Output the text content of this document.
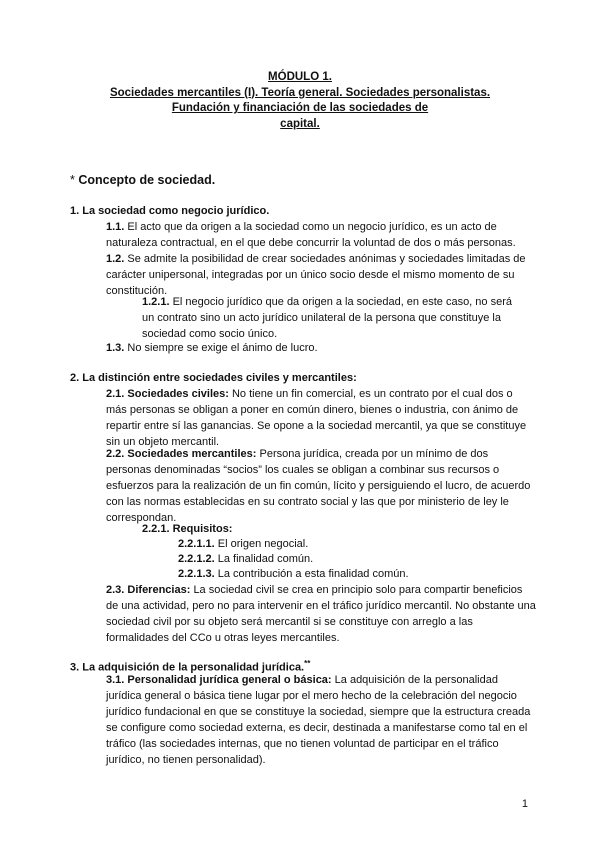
MÓDULO 1.
Sociedades mercantiles (I). Teoría general. Sociedades personalistas.
Fundación y financiación de las sociedades de
capital.
* Concepto de sociedad.
1. La sociedad como negocio jurídico.
1.1. El acto que da origen a la sociedad como un negocio jurídico, es un acto de naturaleza contractual, en el que debe concurrir la voluntad de dos o más personas.
1.2. Se admite la posibilidad de crear sociedades anónimas y sociedades limitadas de carácter unipersonal, integradas por un único socio desde el mismo momento de su constitución.
1.2.1. El negocio jurídico que da origen a la sociedad, en este caso, no será un contrato sino un acto jurídico unilateral de la persona que constituye la sociedad como socio único.
1.3. No siempre se exige el ánimo de lucro.
2. La distinción entre sociedades civiles y mercantiles:
2.1. Sociedades civiles: No tiene un fin comercial, es un contrato por el cual dos o más personas se obligan a poner en común dinero, bienes o industria, con ánimo de repartir entre sí las ganancias. Se opone a la sociedad mercantil, ya que se constituye sin un objeto mercantil.
2.2. Sociedades mercantiles: Persona jurídica, creada por un mínimo de dos personas denominadas “socios” los cuales se obligan a combinar sus recursos o esfuerzos para la realización de un fin común, lícito y persiguiendo el lucro, de acuerdo con las normas establecidas en su contrato social y las que por ministerio de ley le correspondan.
2.2.1. Requisitos:
2.2.1.1. El origen negocial.
2.2.1.2. La finalidad común.
2.2.1.3. La contribución a esta finalidad común.
2.3. Diferencias: La sociedad civil se crea en principio solo para compartir beneficios de una actividad, pero no para intervenir en el tráfico jurídico mercantil. No obstante una sociedad civil por su objeto será mercantil si se constituye con arreglo a las formalidades del CCo u otras leyes mercantiles.
3. La adquisición de la personalidad jurídica.**
3.1. Personalidad jurídica general o básica: La adquisición de la personalidad jurídica general o básica tiene lugar por el mero hecho de la celebración del negocio jurídico fundacional en que se constituye la sociedad, siempre que la estructura creada se configure como sociedad externa, es decir, destinada a manifestarse como tal en el tráfico (las sociedades internas, que no tienen voluntad de participar en el tráfico jurídico, no tienen personalidad).
1
